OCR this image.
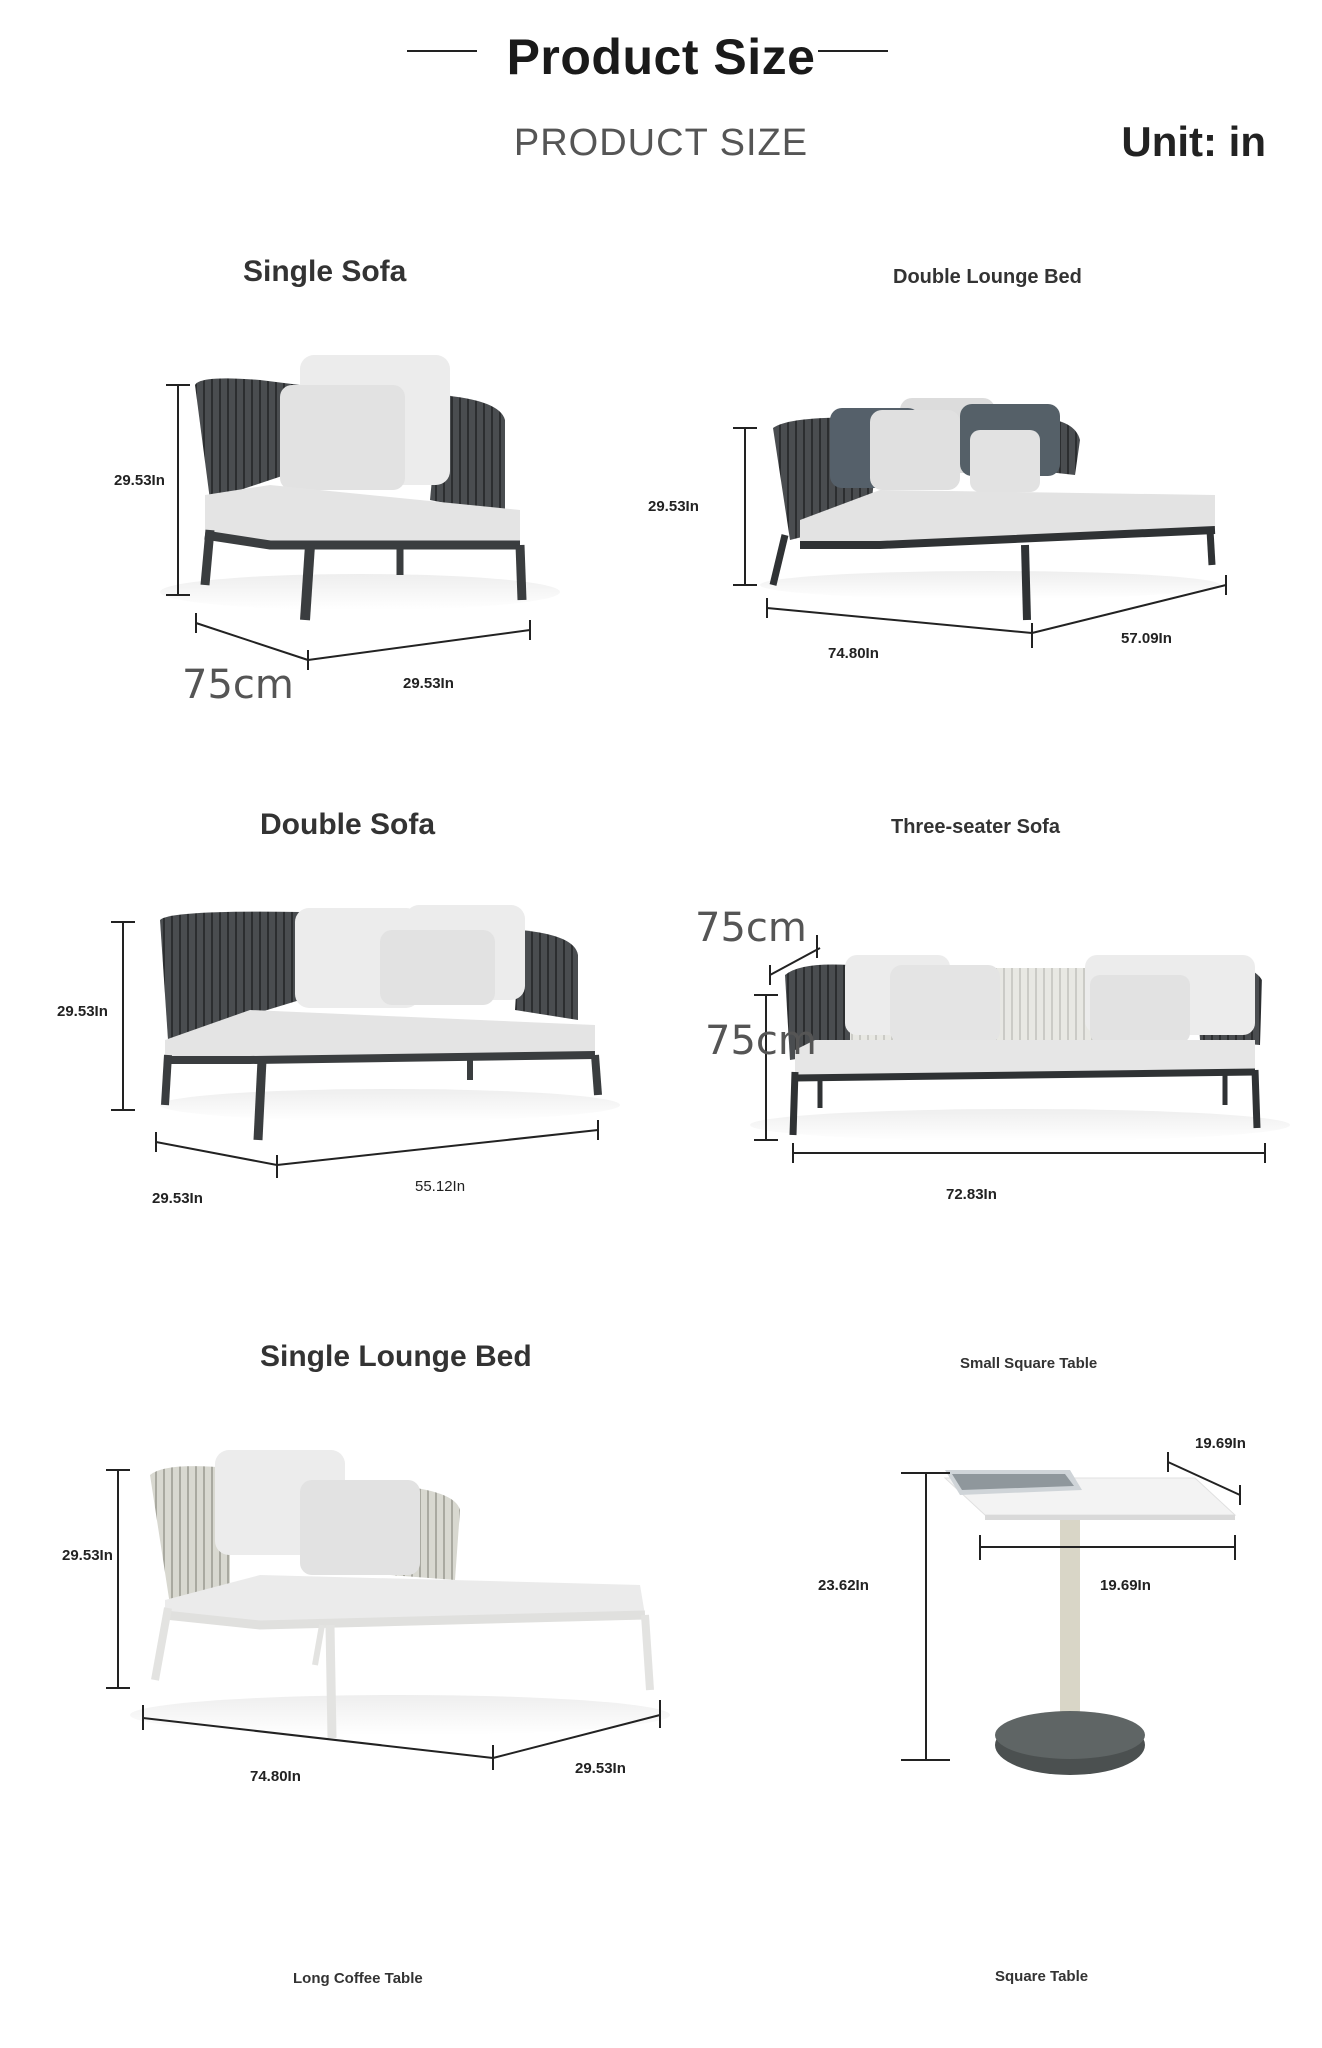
Product Size
PRODUCT SIZE	Unit: in
Single Sofa
29.53In
75cm	29.53In
Double Lounge Bed
29.53In
74.80In
57.09In
Double Sofa
29.53In
29.53In
55.12In
Three-seater Sofa
75cm
75cm
72.83In
Single Lounge Bed
29.53In
74.80In	29.53In
Small Square Table
19.69In
23.62In	19.69In
Long Coffee Table	Square Table
